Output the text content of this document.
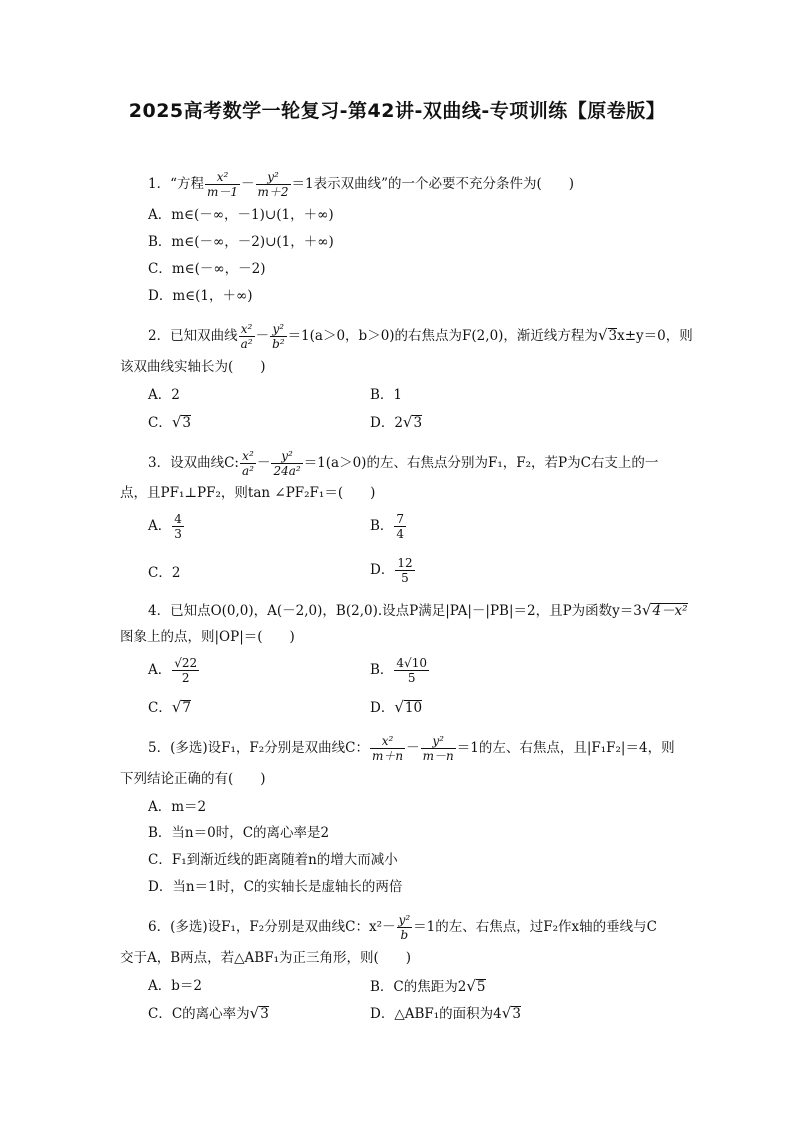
2025高考数学一轮复习-第42讲-双曲线-专项训练【原卷版】
1．“方程 $\frac{\text{x²}}{m-1} - \frac{\text{y²}}{m+2} =1$表示双曲线”的一个必要不充分条件为(　　)
A．m∈(－∞，－1)∪(1，＋∞)
B．m∈(－∞，－2)∪(1，＋∞)
C．m∈(－∞，－2)
D．m∈(1，＋∞)
2．已知双曲线 $\frac{\text{x²}}{\text{a²}} - \frac{\text{y²}}{\text{b²}} =1(a>0$，b＞0)的右焦点为F(2,0)，渐近线方程为√3x±y＝0，则
该双曲线实轴长为(　　)
A．2	B．1
C．√3	D．2√3
3．设双曲线C: $\frac{\text{x²}}{\text{a²}} - \frac{\text{y²}}{\text{24a²}} =1(a>0)$的左、右焦点分别为F₁，F₂，若P为C右支上的一
点，且PF₁⊥PF₂，则tan ∠PF₂F₁＝(　　)
A． $\frac{4}{3}$	B． $\frac{7}{4}$
C．2	D． $\frac{12}{5}$
4．已知点O(0,0)，A(－2,0)，B(2,0).设点P满足|PA|－|PB|＝2，且P为函数y＝3√4－x²
图象上的点，则|OP|＝(　　)
A． $\frac{√22}{2}$	B． $\frac{4√10}{5}$
C．√7	D．√10
5．(多选)设F₁，F₂分别是双曲线C： $\frac{\text{x²}}{m+n} - \frac{\text{y²}}{m-n} =1$的左、右焦点，且|F₁F₂|＝4，则
下列结论正确的有(　　)
A．m＝2
B．当n＝0时，C的离心率是2
C．F₁到渐近线的距离随着n的增大而减小
D．当n＝1时，C的实轴长是虚轴长的两倍
6．(多选)设F₁，F₂分别是双曲线C：$x^2- \frac{\text{y²}}{b} =1$的左、右焦点，过F₂作x轴的垂线与C
交于A，B两点，若△ABF₁为正三角形，则(　　)
A．b＝2	B．C的焦距为2√5
C．C的离心率为√3	D．△ABF₁的面积为4√3
